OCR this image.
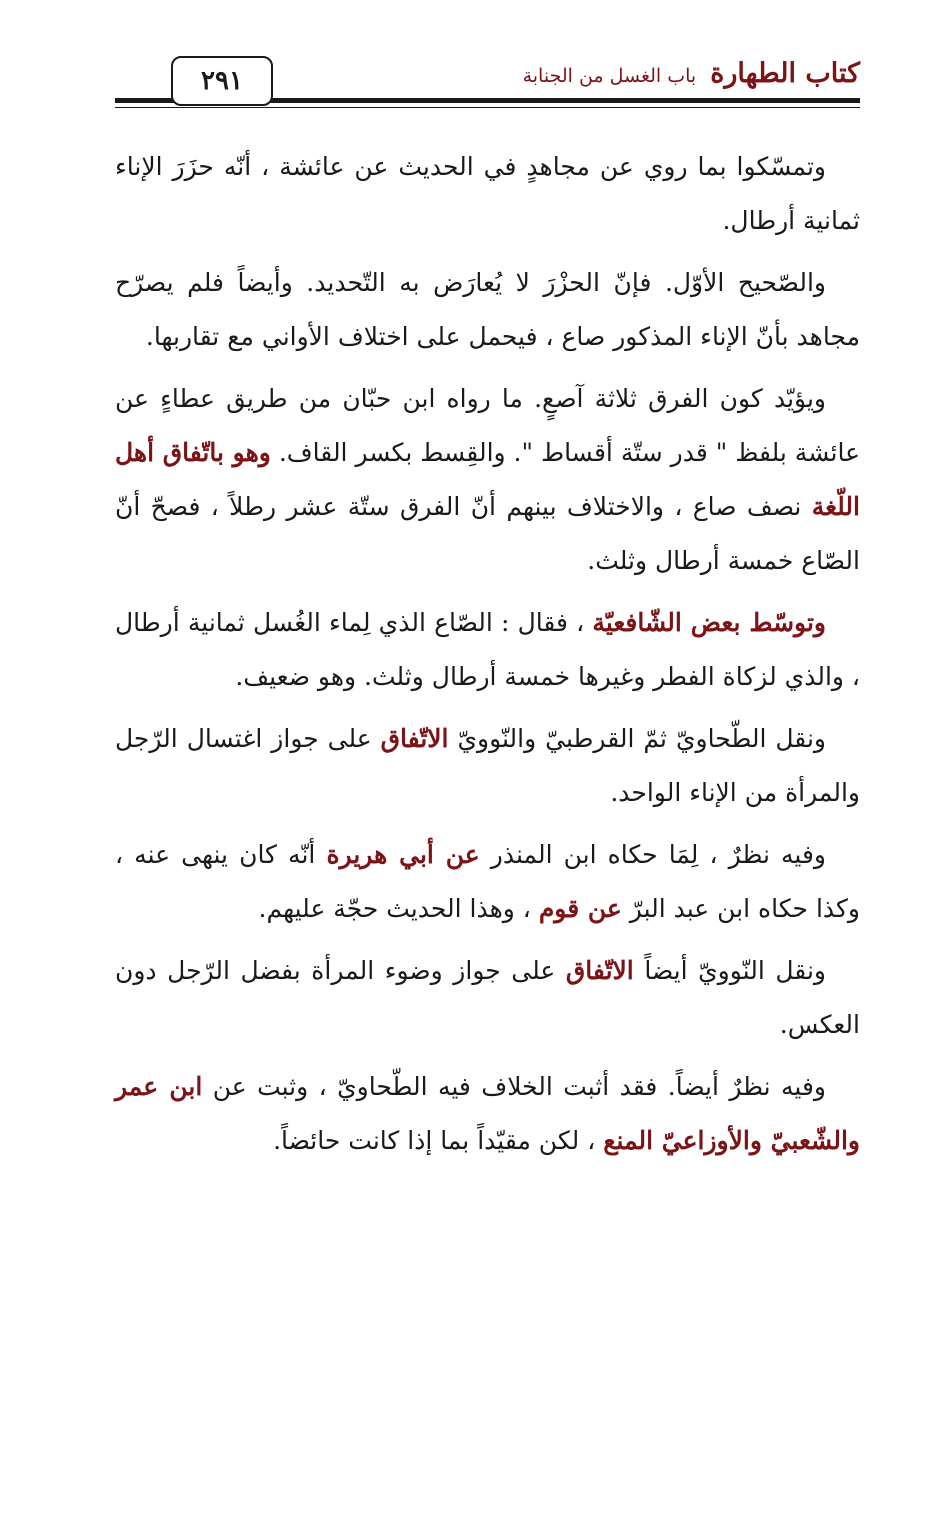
٢٩١	كتاب الطهارة
باب الغسل من الجنابة

وتمسّكوا بما روي عن مجاهدٍ في الحديث عن عائشة ، أنّه حزَرَ الإناء ثمانية أرطال.

والصّحيح الأوّل. فإنّ الحزْرَ لا يُعارَض به التّحديد. وأيضاً فلم يصرّح مجاهد بأنّ الإناء المذكور صاع ، فيحمل على اختلاف الأواني مع تقاربها.

ويؤيّد كون الفرق ثلاثة آصعٍ. ما رواه ابن حبّان من طريق عطاءٍ عن عائشة بلفظ " قدر ستّة أقساط ". والقِسط بكسر القاف. وهو باتّفاق أهل اللّغة نصف صاع ، والاختلاف بينهم أنّ الفرق ستّة عشر رطلاً ، فصحّ أنّ الصّاع خمسة أرطال وثلث.

وتوسّط بعض الشّافعيّة ، فقال : الصّاع الذي لِماء الغُسل ثمانية أرطال ، والذي لزكاة الفطر وغيرها خمسة أرطال وثلث. وهو ضعيف.

ونقل الطّحاويّ ثمّ القرطبيّ والنّوويّ الاتّفاق على جواز اغتسال الرّجل والمرأة من الإناء الواحد.

وفيه نظرٌ ، لِمَا حكاه ابن المنذر عن أبي هريرة أنّه كان ينهى عنه ، وكذا حكاه ابن عبد البرّ عن قوم ، وهذا الحديث حجّة عليهم.

ونقل النّوويّ أيضاً الاتّفاق على جواز وضوء المرأة بفضل الرّجل دون العكس.

وفيه نظرٌ أيضاً. فقد أثبت الخلاف فيه الطّحاويّ ، وثبت عن ابن عمر والشّعبيّ والأوزاعيّ المنع ، لكن مقيّداً بما إذا كانت حائضاً.
